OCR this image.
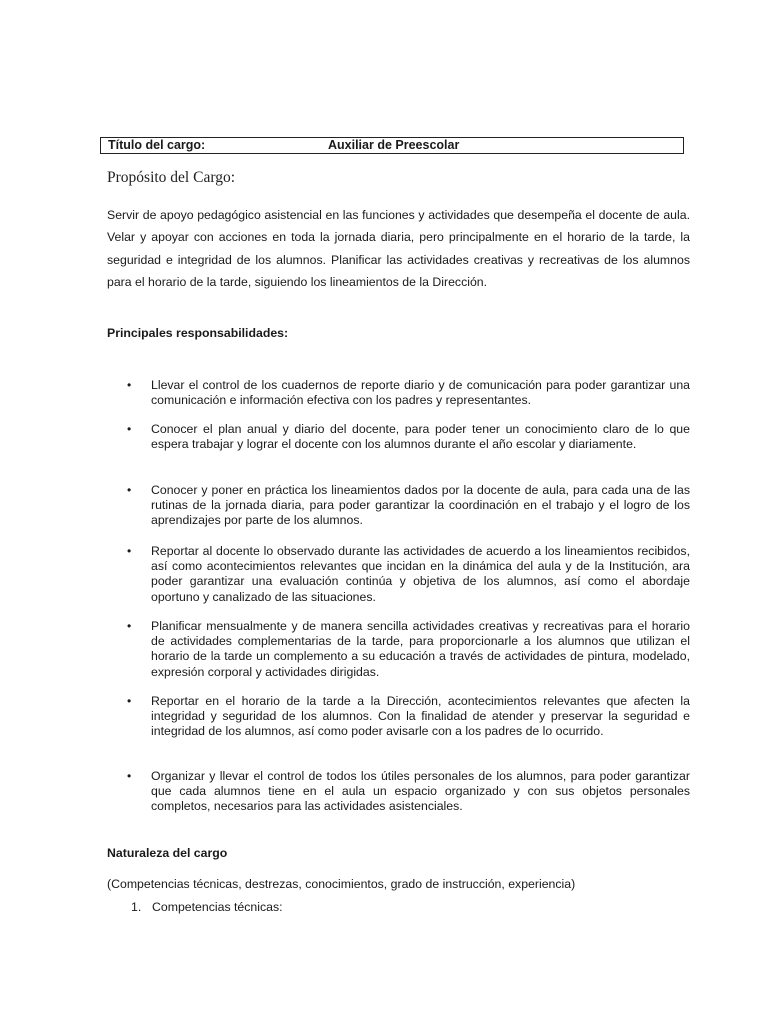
Título del cargo:	Auxiliar de Preescolar
Propósito del Cargo:

Servir de apoyo pedagógico asistencial en las funciones y actividades que desempeña el docente de aula. Velar y apoyar con acciones en toda la jornada diaria, pero principalmente en el horario de la tarde, la seguridad e integridad de los alumnos. Planificar las actividades creativas y recreativas de los alumnos para el horario de la tarde, siguiendo los lineamientos de la Dirección.

Principales responsabilidades:
• Llevar el control de los cuadernos de reporte diario y de comunicación para poder garantizar una comunicación e información efectiva con los padres y representantes.

• Conocer el plan anual y diario del docente, para poder tener un conocimiento claro de lo que espera trabajar y lograr el docente con los alumnos durante el año escolar y diariamente.

• Conocer y poner en práctica los lineamientos dados por la docente de aula, para cada una de las rutinas de la jornada diaria, para poder garantizar la coordinación en el trabajo y el logro de los aprendizajes por parte de los alumnos.

• Reportar al docente lo observado durante las actividades de acuerdo a los lineamientos recibidos, así como acontecimientos relevantes que incidan en la dinámica del aula y de la Institución, ara poder garantizar una evaluación continúa y objetiva de los alumnos, así como el abordaje oportuno y canalizado de las situaciones.

• Planificar mensualmente y de manera sencilla actividades creativas y recreativas para el horario de actividades complementarias de la tarde, para proporcionarle a los alumnos que utilizan el horario de la tarde un complemento a su educación a través de actividades de pintura, modelado, expresión corporal y actividades dirigidas.

• Reportar en el horario de la tarde a la Dirección, acontecimientos relevantes que afecten la integridad y seguridad de los alumnos. Con la finalidad de atender y preservar la seguridad e integridad de los alumnos, así como poder avisarle con a los padres de lo ocurrido.

• Organizar y llevar el control de todos los útiles personales de los alumnos, para poder garantizar que cada alumnos tiene en el aula un espacio organizado y con sus objetos personales completos, necesarios para las actividades asistenciales.

Naturaleza del cargo
(Competencias técnicas, destrezas, conocimientos, grado de instrucción, experiencia)
1. Competencias técnicas:
